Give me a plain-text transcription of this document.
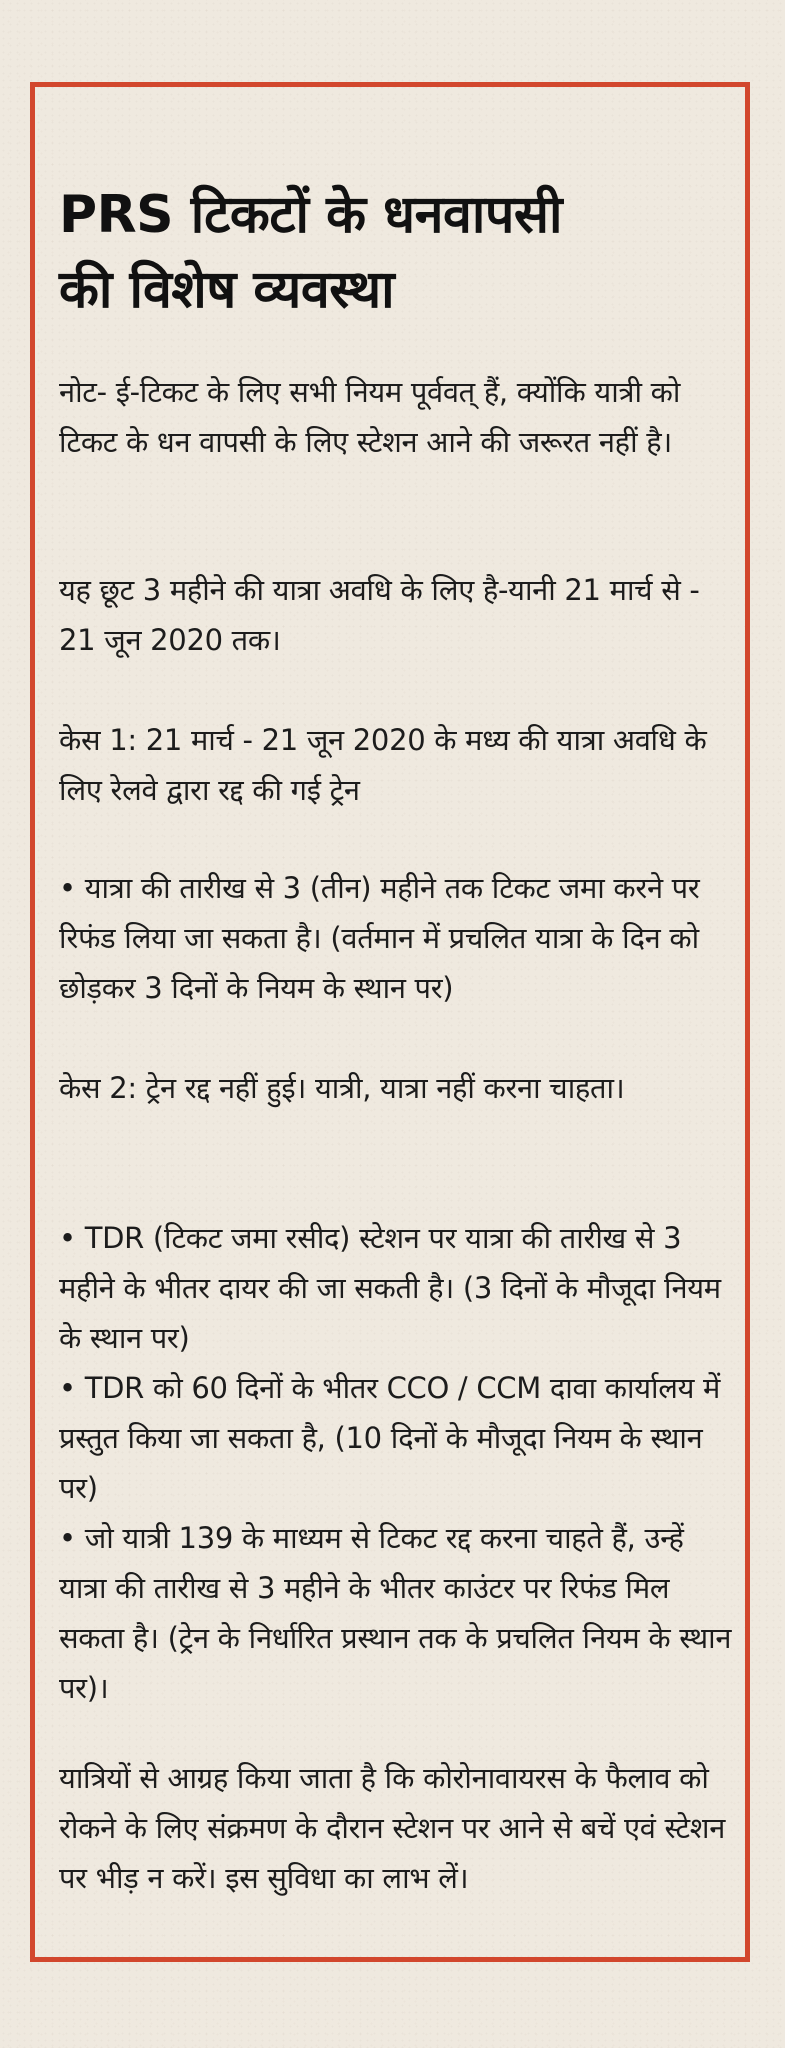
PRS टिकटों के धनवापसी
की विशेष व्यवस्था

नोट- ई-टिकट के लिए सभी नियम पूर्ववत् हैं, क्योंकि यात्री को टिकट के धन वापसी के लिए स्टेशन आने की जरूरत नहीं है।

यह छूट 3 महीने की यात्रा अवधि के लिए है-यानी 21 मार्च से - 21 जून 2020 तक।

केस 1: 21 मार्च - 21 जून 2020 के मध्य की यात्रा अवधि के लिए रेलवे द्वारा रद्द की गई ट्रेन

• यात्रा की तारीख से 3 (तीन) महीने तक टिकट जमा करने पर रिफंड लिया जा सकता है। (वर्तमान में प्रचलित यात्रा के दिन को छोड़कर 3 दिनों के नियम के स्थान पर)

केस 2: ट्रेन रद्द नहीं हुई। यात्री, यात्रा नहीं करना चाहता।

• TDR (टिकट जमा रसीद) स्टेशन पर यात्रा की तारीख से 3 महीने के भीतर दायर की जा सकती है। (3 दिनों के मौजूदा नियम के स्थान पर)

• TDR को 60 दिनों के भीतर CCO / CCM दावा कार्यालय में प्रस्तुत किया जा सकता है, (10 दिनों के मौजूदा नियम के स्थान पर)

• जो यात्री 139 के माध्यम से टिकट रद्द करना चाहते हैं, उन्हें यात्रा की तारीख से 3 महीने के भीतर काउंटर पर रिफंड मिल सकता है। (ट्रेन के निर्धारित प्रस्थान तक के प्रचलित नियम के स्थान पर)।

यात्रियों से आग्रह किया जाता है कि कोरोनावायरस के फैलाव को रोकने के लिए संक्रमण के दौरान स्टेशन पर आने से बचें एवं स्टेशन पर भीड़ न करें। इस सुविधा का लाभ लें।
